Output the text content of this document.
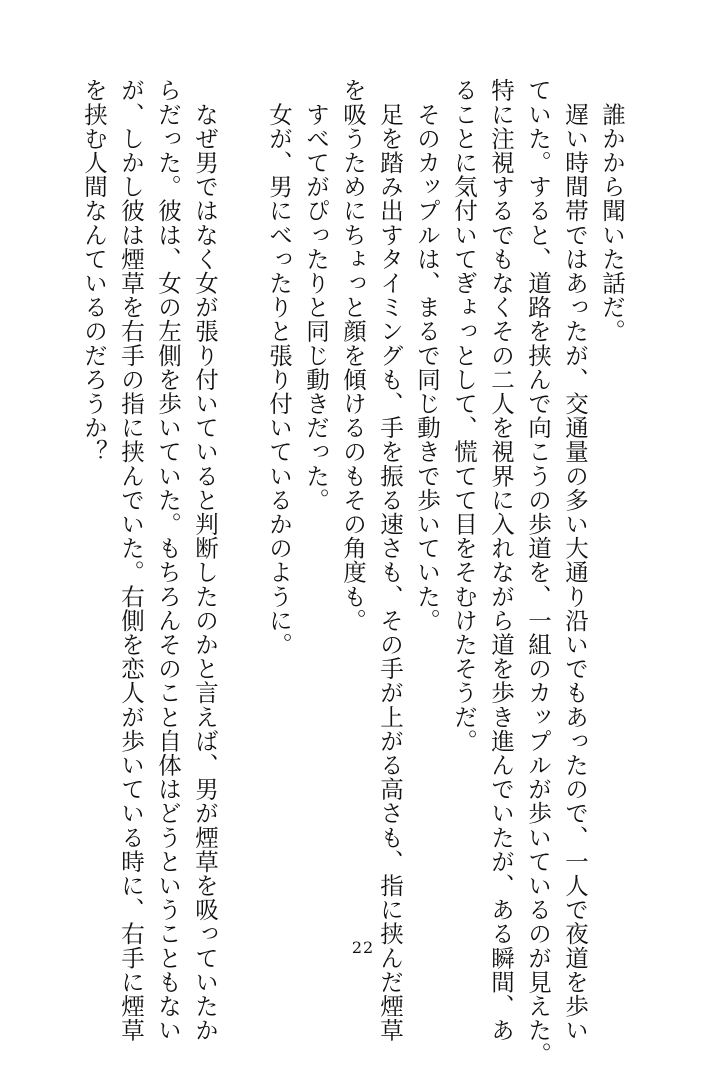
　誰かから聞いた話だ。
　遅い時間帯ではあったが、交通量の多い大通り沿いでもあったので、一人で夜道を歩い
ていた。すると、道路を挟んで向こうの歩道を、一組のカップルが歩いているのが見えた。
特に注視するでもなくその二人を視界に入れながら道を歩き進んでいたが、ある瞬間、あ
ることに気付いてぎょっとして、慌てて目をそむけたそうだ。
　そのカップルは、まるで同じ動きで歩いていた。
　足を踏み出すタイミングも、手を振る速さも、その手が上がる高さも、指に挟んだ煙草
を吸うためにちょっと顔を傾けるのもその角度も。
　すべてがぴったりと同じ動きだった。
　女が、男にべったりと張り付いているかのように。

　なぜ男ではなく女が張り付いていると判断したのかと言えば、男が煙草を吸っていたか
らだった。彼は、女の左側を歩いていた。もちろんそのこと自体はどうということもない
が、しかし彼は煙草を右手の指に挟んでいた。右側を恋人が歩いている時に、右手に煙草
を挟む人間なんているのだろうか？
22
